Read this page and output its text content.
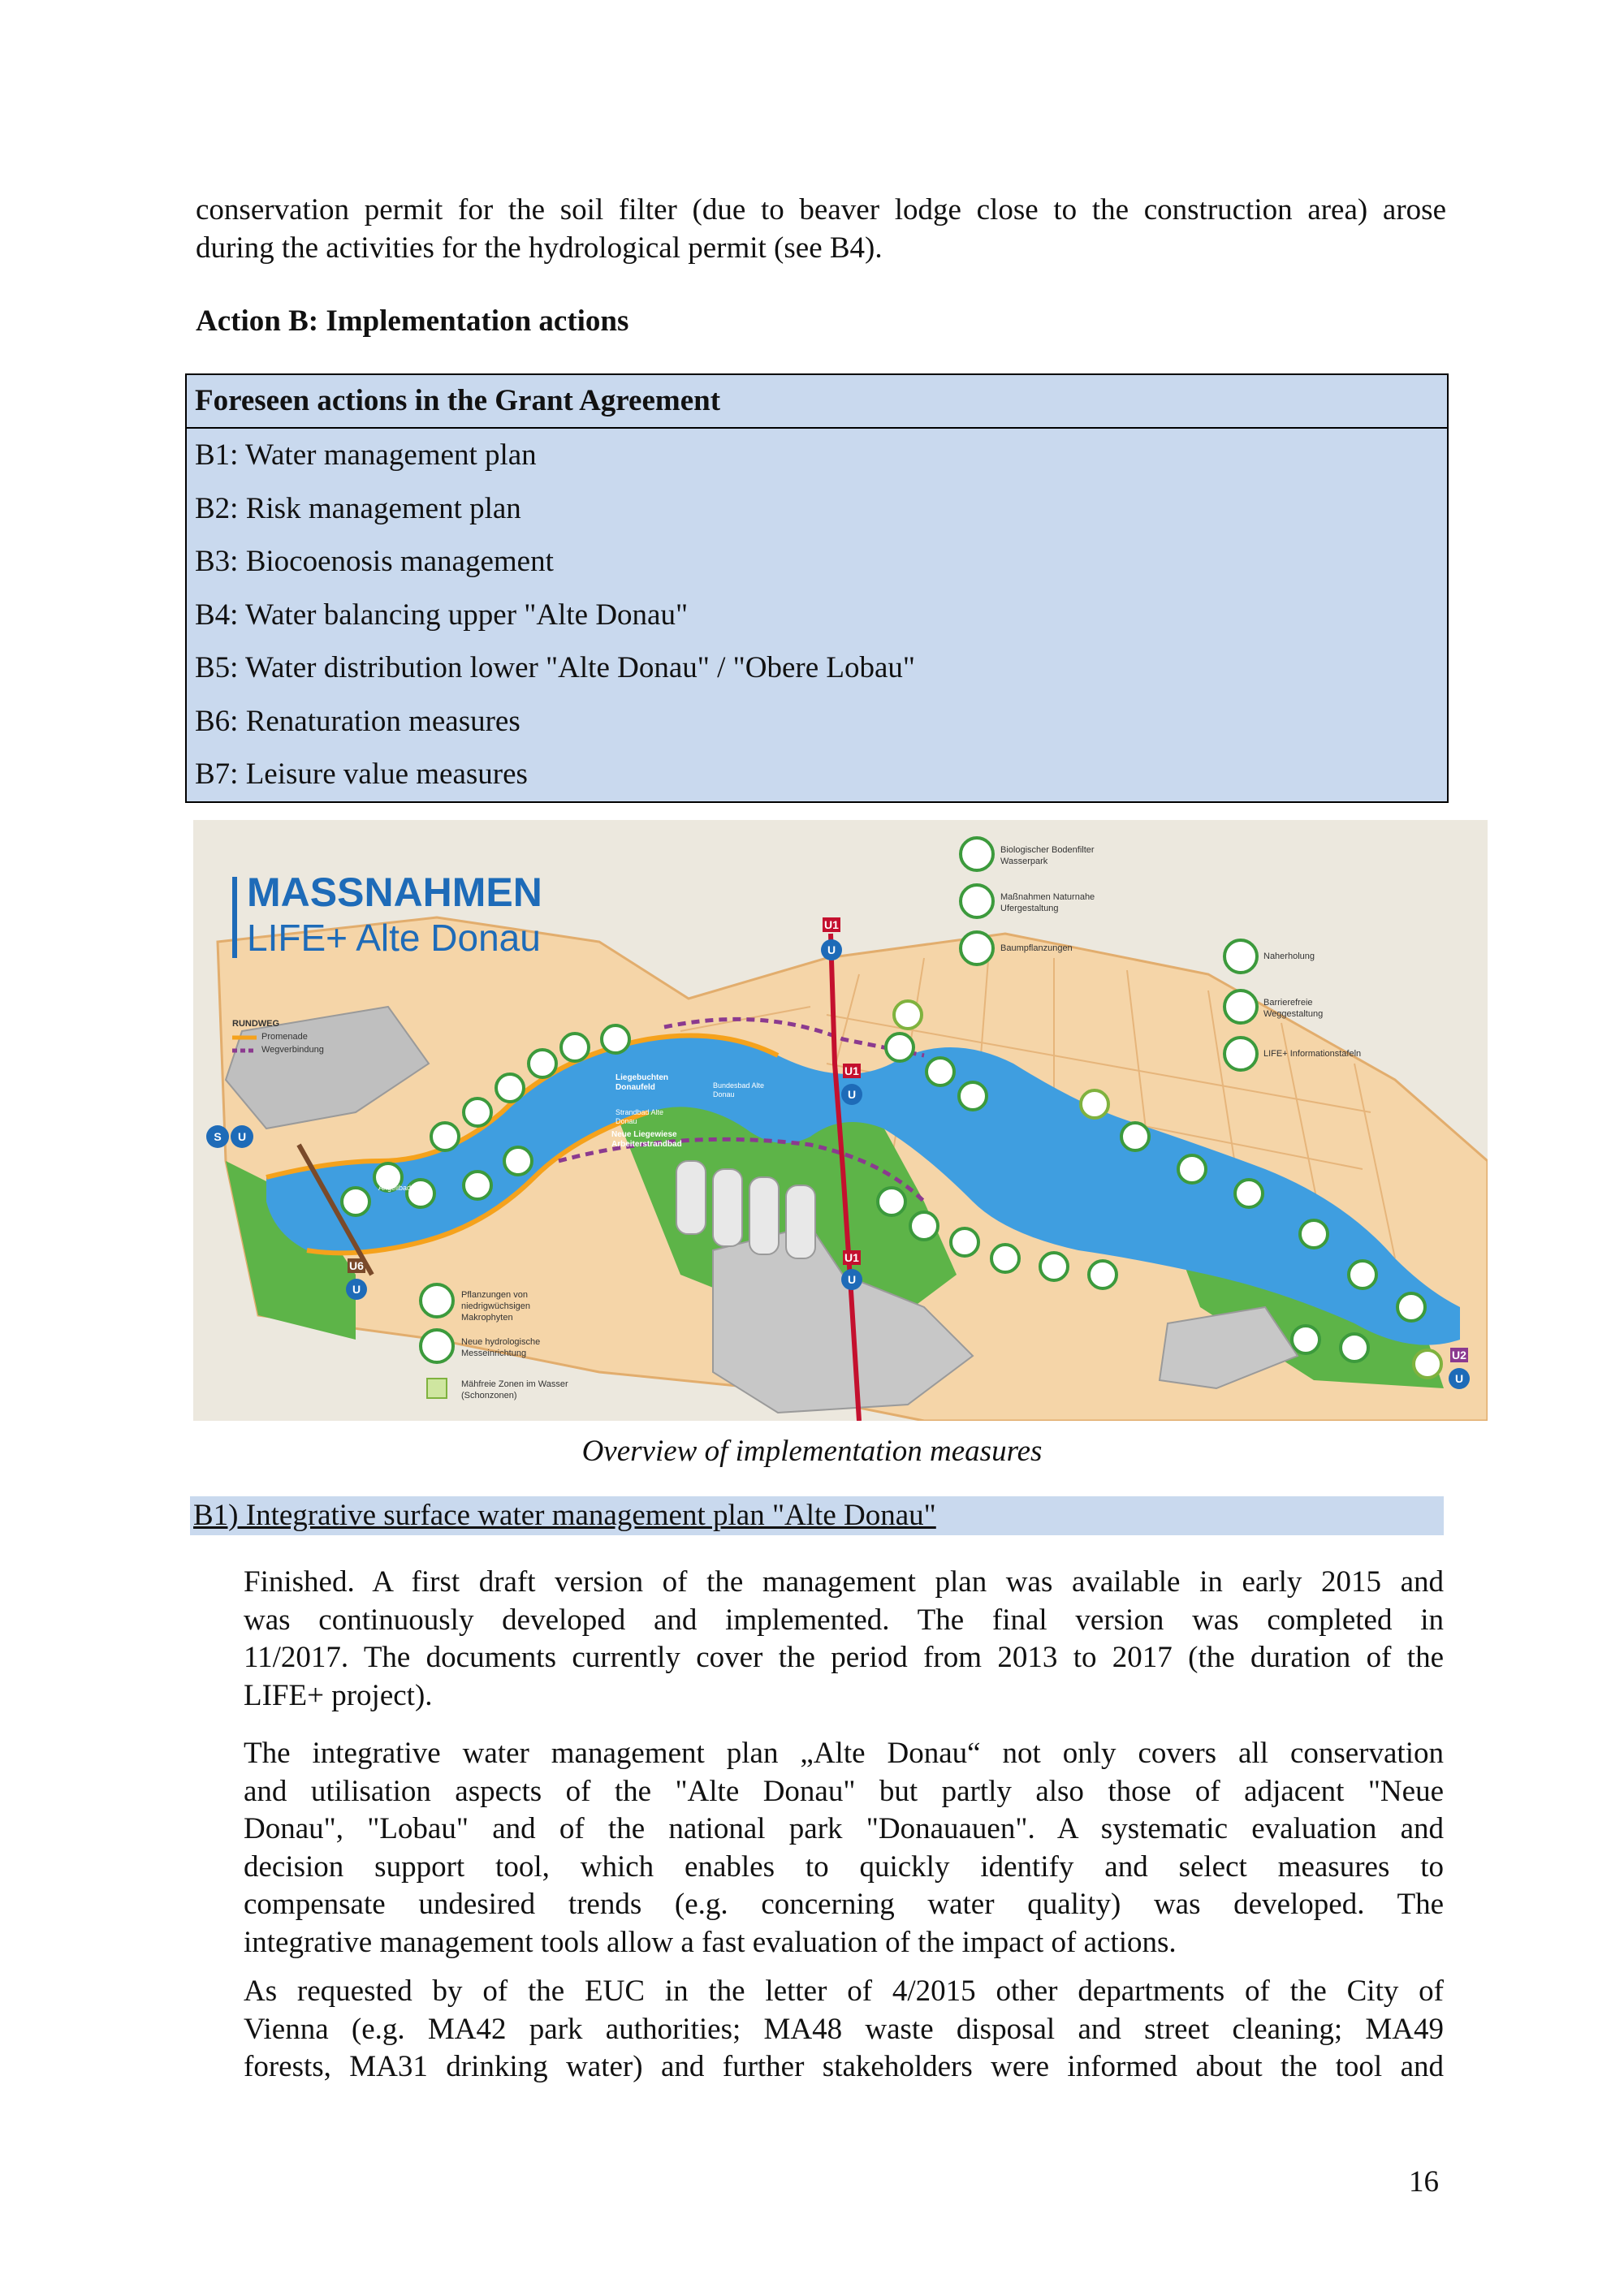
conservation permit for the soil filter (due to beaver lodge close to the construction area) arose
during the activities for the hydrological permit (see B4).
Action B: Implementation actions
Foreseen actions in the Grant Agreement
B1: Water management plan
B2: Risk management plan
B3: Biocoenosis management
B4: Water balancing upper "Alte Donau"
B5: Water distribution lower "Alte Donau" / "Obere Lobau"
B6: Renaturation measures
B7: Leisure value measures
U1
U1
U1
U6
U2
S U
U
U
U
U
U
MASSNAHMEN
LIFE+ Alte Donau
RUNDWEG
Promenade
Wegverbindung
Biologischer Bodenfilter Wasserpark
Maßnahmen Naturnahe Ufergestaltung
Baumpflanzungen
Naherholung
Barrierefreie Weggestaltung
LIFE+ Informationstafeln
Pflanzungen von niedrigwüchsigen Makrophyten
Neue hydrologische Messeinrichtung
Mähfreie Zonen im Wasser (Schonzonen)
Liegebuchten Donaufeld	Bundesbad Alte Donau
Strandbad Alte Donau
Neue Liegewiese Arbeiterstrandbad
Angelibad
Overview of implementation measures
B1) Integrative surface water management plan "Alte Donau"
Finished. A first draft version of the management plan was available in early 2015 and
was continuously developed and implemented. The final version was completed in
11/2017. The documents currently cover the period from 2013 to 2017 (the duration of the
LIFE+ project).
The integrative water management plan „Alte Donau“ not only covers all conservation
and utilisation aspects of the "Alte Donau" but partly also those of adjacent "Neue
Donau", "Lobau" and of the national park "Donauauen". A systematic evaluation and
decision support tool, which enables to quickly identify and select measures to
compensate undesired trends (e.g. concerning water quality) was developed. The
integrative management tools allow a fast evaluation of the impact of actions.
As requested by of the EUC in the letter of 4/2015 other departments of the City of
Vienna (e.g. MA42 park authorities; MA48 waste disposal and street cleaning; MA49
forests, MA31 drinking water) and further stakeholders were informed about the tool and
16
